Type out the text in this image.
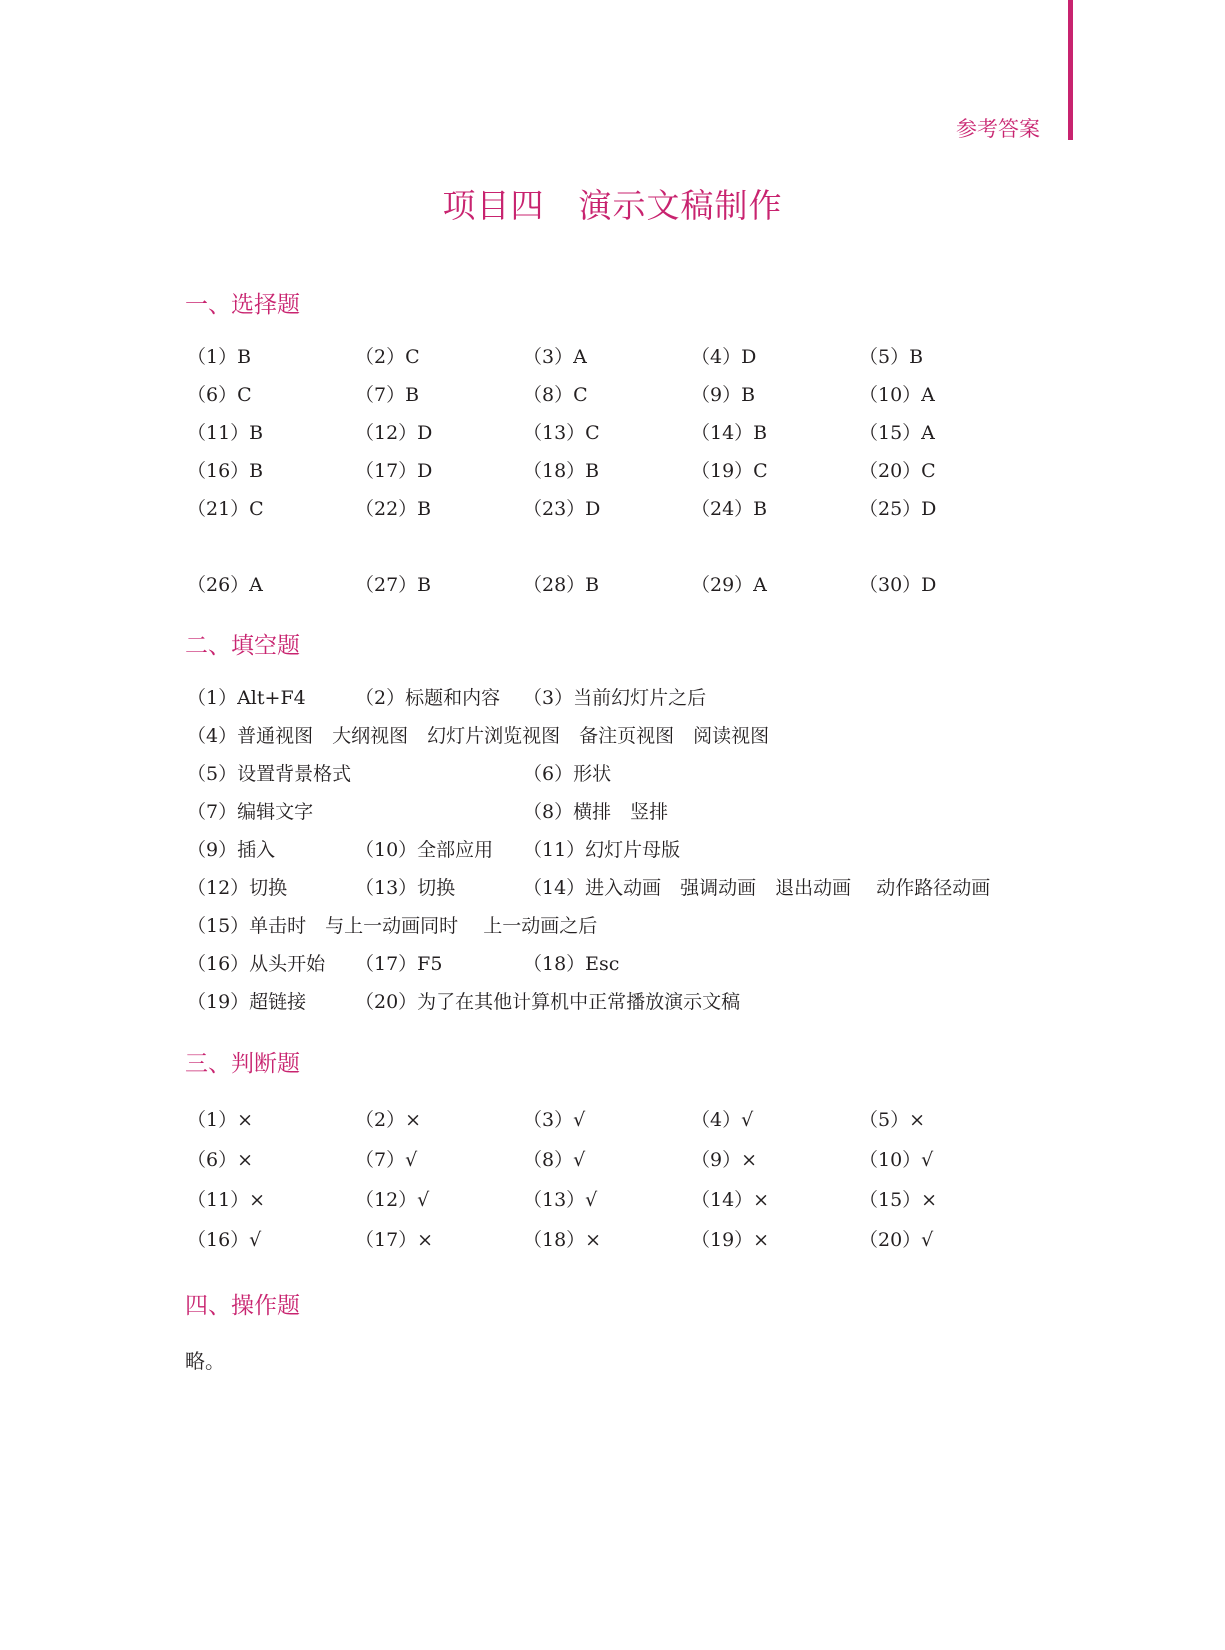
参考答案
项目四　演示文稿制作
一、选择题
（1）B	（2）C	（3）A	（4）D	（5）B
（6）C	（7）B	（8）C	（9）B	（10）A
（11）B	（12）D	（13）C	（14）B	（15）A
（16）B	（17）D	（18）B	（19）C	（20）C
（21）C	（22）B	（23）D	（24）B	（25）D
（26）A	（27）B	（28）B	（29）A	（30）D
二、填空题
（1）Alt+F4	（2）标题和内容 （3）当前幻灯片之后
（4）普通视图　大纲视图　幻灯片浏览视图　备注页视图　阅读视图
（5）设置背景格式	（6）形状
（7）编辑文字	（8）横排　竖排
（9）插入	（10）全部应用 （11）幻灯片母版
（12）切换	（13）切换	（14）进入动画　强调动画　退出动画　 动作路径动画
（15）单击时　与上一动画同时　 上一动画之后
（16）从头开始 （17）F5	（18）Esc
（19）超链接	（20）为了在其他计算机中正常播放演示文稿
三、判断题
（1）×	（2）×	（3）√	（4）√	（5）×
（6）×	（7）√	（8）√	（9）×	（10）√
（11）×	（12）√	（13）√	（14）×	（15）×
（16）√	（17）×	（18）×	（19）×	（20）√
四、操作题
略。
